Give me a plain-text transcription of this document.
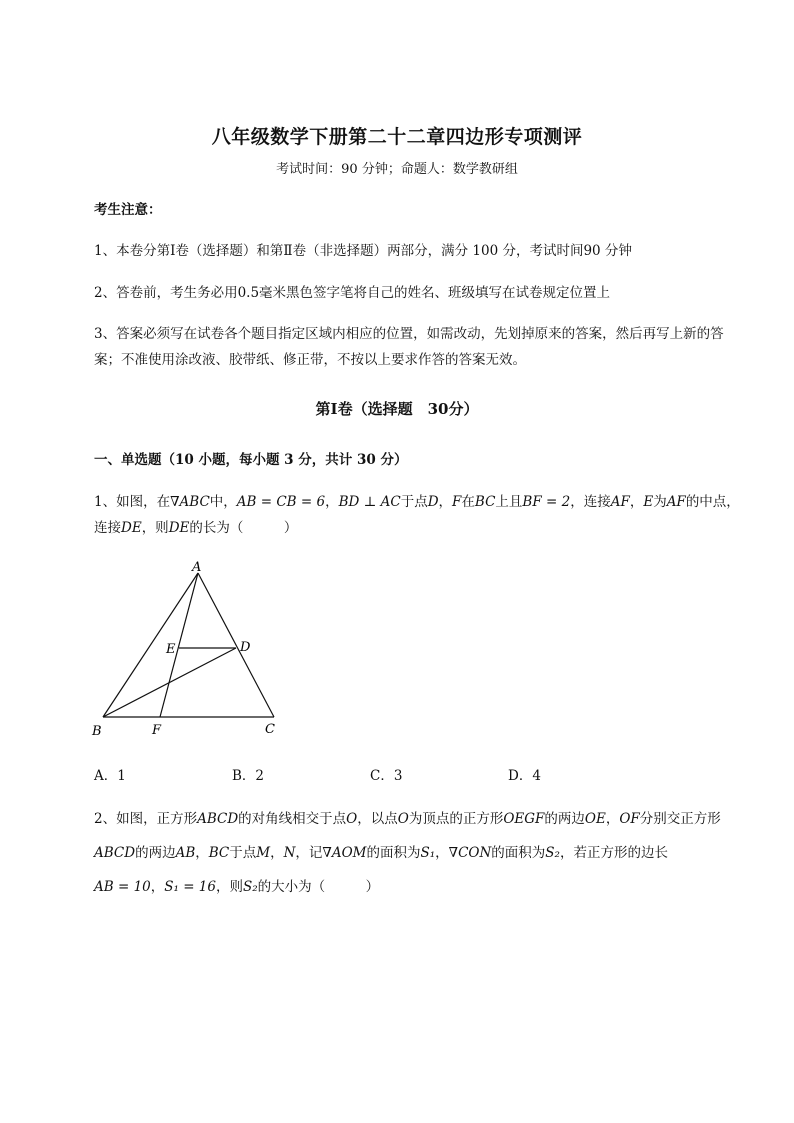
八年级数学下册第二十二章四边形专项测评
考试时间：90 分钟；命题人：数学教研组
考生注意：
1、本卷分第Ⅰ卷（选择题）和第Ⅱ卷（非选择题）两部分，满分 100 分，考试时间90 分钟
2、答卷前，考生务必用0.5毫米黑色签字笔将自己的姓名、班级填写在试卷规定位置上
3、答案必须写在试卷各个题目指定区域内相应的位置，如需改动，先划掉原来的答案，然后再写上新的答案；不准使用涂改液、胶带纸、修正带，不按以上要求作答的答案无效。
第Ⅰ卷（选择题　30分）
一、单选题（10 小题，每小题 3 分，共计 30 分）
1、如图，在∇ABC中，AB = CB = 6，BD ⊥ AC于点D，F在BC上且BF = 2，连接AF，E为AF的中点，连接DE，则DE的长为（　　　）
A
B	C
D
E
F
A．1	B．2	C．3	D．4
2、如图，正方形ABCD的对角线相交于点O，以点O为顶点的正方形OEGF的两边OE，OF分别交正方形ABCD的两边AB，BC于点M，N，记∇AOM的面积为S₁，∇CON的面积为S₂，若正方形的边长
AB = 10，S₁ = 16，则S₂的大小为（　　　）
